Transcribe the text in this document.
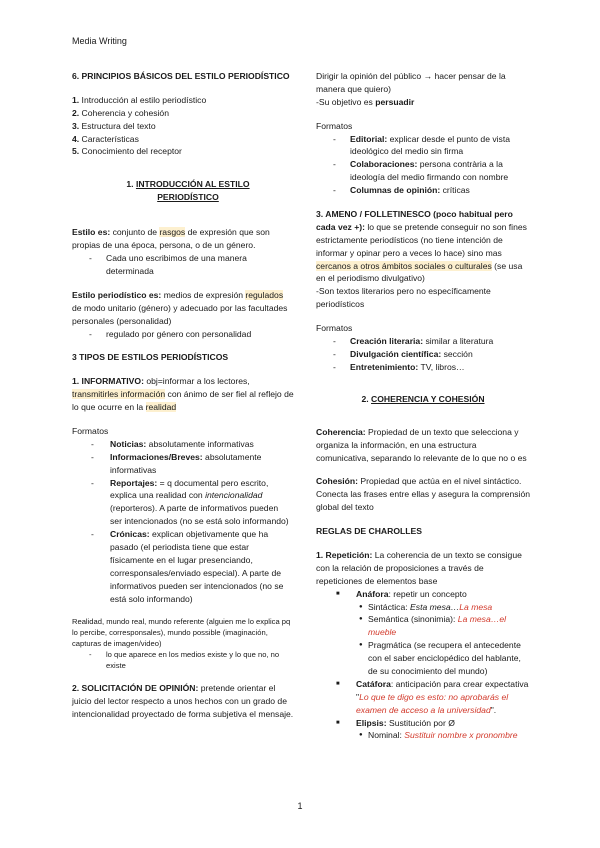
Media Writing

6. PRINCIPIOS BÁSICOS DEL ESTILO PERIODÍSTICO

1. Introducción al estilo periodístico
2. Coherencia y cohesión
3. Estructura del texto
4. Características
5. Conocimiento del receptor

1. INTRODUCCIÓN AL ESTILO PERIODÍSTICO

Estilo es: conjunto de rasgos de expresión que son propias de una época, persona, o de un género.

- Cada uno escribimos de una manera determinada

Estilo periodístico es: medios de expresión regulados de modo unitario (género) y adecuado por las facultades personales (personalidad)

- regulado por género con personalidad

3 TIPOS DE ESTILOS PERIODÍSTICOS

1. INFORMATIVO: obj=informar a los lectores, transmitirles información con ánimo de ser fiel al reflejo de lo que ocurre en la realidad

Formatos

- Noticias: absolutamente informativas
- Informaciones/Breves: absolutamente informativas
- Reportajes: = q documental pero escrito, explica una realidad con intencionalidad (reporteros). A parte de informativos pueden ser intencionados (no se está solo informando)
- Crónicas: explican objetivamente que ha pasado (el periodista tiene que estar físicamente en el lugar presenciando, corresponsales/enviado especial). A parte de informativos pueden ser intencionados (no se está solo informando)

Realidad, mundo real, mundo referente (alguien me lo explica pq lo percibe, corresponsales), mundo possible (imaginación, capturas de imagen/video)

- lo que aparece en los medios existe y lo que no, no existe

2. SOLICITACIÓN DE OPINIÓN: pretende orientar el juicio del lector respecto a unos hechos con un grado de intencionalidad proyectado de forma subjetiva el mensaje.

Dirigir la opinión del público → hacer pensar de la manera que quiero)

-Su objetivo es persuadir

Formatos

- Editorial: explicar desde el punto de vista ideológico del medio sin firma
- Colaboraciones: persona contrària a la ideología del medio firmando con nombre
- Columnas de opinión: críticas

3. AMENO / FOLLETINESCO (poco habitual pero cada vez +): lo que se pretende conseguir no son fines estrictamente periodísticos (no tiene intención de informar y opinar pero a veces lo hace) sino mas cercanos a otros ámbitos sociales o culturales (se usa en el periodismo divulgativo)

-Son textos literarios pero no específicamente periodísticos

Formatos

- Creación literaria: similar a literatura
- Divulgación científica: sección
- Entretenimiento: TV, libros…

2. COHERENCIA Y COHESIÓN

Coherencia: Propiedad de un texto que selecciona y organiza la información, en una estructura comunicativa, separando lo relevante de lo que no o es

Cohesión: Propiedad que actúa en el nivel sintáctico. Conecta las frases entre ellas y asegura la comprensión global del texto

REGLAS DE CHAROLLES

1. Repetición: La coherencia de un texto se consigue con la relación de proposiciones a través de repeticiones de elementos base

■ Anáfora: repetir un concepto
● Sintáctica: Esta mesa…La mesa
● Semántica (sinonimia): La mesa…el mueble
● Pragmática (se recupera el antecedente con el saber enciclopédico del hablante, de su conocimiento del mundo)
■ Catáfora: anticipación para crear expectativa "Lo que te digo es esto: no aprobarás el examen de acceso a la universidad".
■ Elipsis: Sustitución por Ø
● Nominal: Sustituir nombre x pronombre
1
